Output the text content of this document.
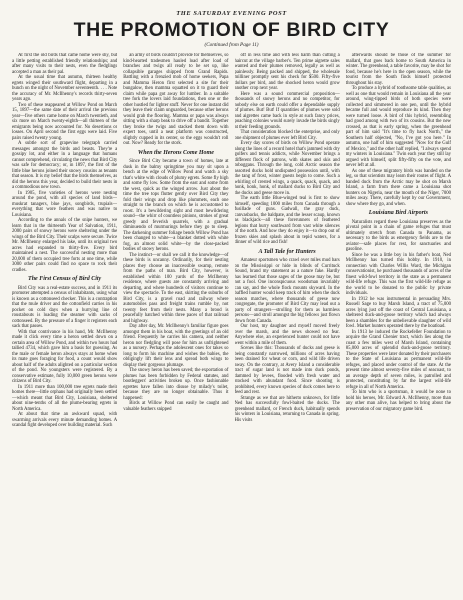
THE SATURDAY EVENING POST
THE PROMOTION OF BIRD CITY
(Continued from Page 11)

At first the old birds that came home were shy, but a little petting established friendly relationships; and after many visits to their nests, even the fledglings accepted a man as their pal.

At the usual time that autumn, thirteen healthy egrets winged their southward flight, departing in a bunch on the night of November seventeenth. . . . Note the accuracy of Mr. McIlhenny's records thirty-seven years ago.

Two of these reappeared at Willow Pond on March 15, 1897—the same date of their arrival the previous year—five others came home on March twentieth, and six more on March twenty-eighth—all thirteen of the emigrants being now accounted for. No desertions or losses. On April second the first eggs were laid. Five pairs raised twenty young.

A subtle sort of grapevine telegraph carried messages amongst the birds and beasts. They're a gossipy lot, and either in a language that humans cannot comprehend, circulating the news that Bird City was safe for democracy; or, in 1897, the first of the little blue herons joined their snowy cousins as tenants that season. It is my belief that the birds themselves, as did the herons this year, decided to build their nests in a commodious new town.

In 1905, five varieties of herons were nesting around the pond, with all species of land birds—muskrat tanagers, blue jays, songbirds, trupials—everything that wore feathers and was native to Louisiana.

According to the annals of the snipe hunters, we learn that in the thirteenth Year of Salvation, 1911, 2000 pairs of snowy herons were sheltering under the wings of the Bird City. Their scalps were secure. Twice Mr. McIlhenny enlarged his lake, until its original two acres had expanded to thirty-five. Every bird maintained a nest. The successful nesting more than 20,000 of them occupied tree forts at one time, while 3000 other pairs could find no space to rock their cradles.

The First Census of Bird City

Bird City was a real-estate success, and in 1911 its promoter attempted a census of inhabitants, using what is known as a cottonseed checker. This is a contraption that the mule driver and the cottonfield carries in his pocket on cold days when a hurrying line of roustabouts is loading the steamer with sacks of cottonseed. By the pressure of a finger it registers each sack that passes.

With that contrivance in his hand, Mr. McIlhenny made it click every time a heron settled down on a certain area of Willow Pond, and within two hours had tallied 4734, which gave him a basis for guessing. As the male or female heron always stays at home when its mate goes foraging for food, a count would show about half of the adults alighted on a particular section of the pond. No youngsters were registered. By a conservative estimate, fully 10,000 green herons were citizens of Bird City.

In 1911 more than 100,000 tree egrets made their homes there—little orphans had originally been settled—which meant that Bird City, Louisiana, sheltered about nine-tenths of all the plume-bearing egrets in North America.

At about that time an awkward squad, with swarming arrivals every minute demanding homes. A scandal fight developed over building material. Such

an army of birds couldn't provide for themselves, so kind-hearted tradesmen hauled load after load of branches and twigs all ready to be set up, like collapsible garages shipped from Grand Rapids. Battling with a frenzied mob of home seekers, Papa and Mamma Heron first selected a site for their bungalow, then mamma squatted on it to guard their claim while papa got away for lumber. In a suitable tree fork the lovers laid foundations, then one or the other hustled for lighter stuff. Never for one instant did they leave their claim unguarded, because other herons would grab the flooring. Mamma or papa was always sitting with a sharp beak to drive off a bandit. Together they broke the twigs and stacked them down with expert toes, until a neat platform was constructed, slightly cupped in its center, so the eggs wouldn't roll out. Now? Ready for the stork.

When the Herons Come Home

Since Bird City became a town of homes, late at dusk in the balmy springtime you may sit upon a bench at the edge of Willow Pond and watch a sky that's white with clouds of plumy egrets. Some fly high and some fly low. Some from the east and some from the west, quick as the winged arrow. Just about the time the tree tops flutter gently over Bird City they fold their wings and drop like plummets, each one straight to the branch on which he is accustomed to roost. It's a bewildering sight and most bewildering sound—the whirr of countless pinions, strokes of great greedy and feverish quarrels, with a gradual diminuendo of murmurings before they go to sleep. The darkening summer foliage bends Willow Pond has been changed to white—a blanket dotted with white fog, an almost solid white—by the close-packed bodies of snowy herons.

The instinct—or shall we call it the knowledge—of these birds is uncanny. Ordinarily, for their nesting places they choose an inaccessible swamp, remote from the paths of man. Bird City, however, is established within 100 yards of the McIlhenny residence, where guests are constantly arriving and departing, and where hundreds of visitors continue to view the spectacle. To the east, skirting the suburbs of Bird City, is a gravel road and railway where automobiles pass and freight trains rumble by, not twenty feet from their nests. Many a brood is peacefully hatched within three paces of that railroad and highway.

Day after day, Mr. McIlhenny's familiar figure goes amongst them in his boat, with the greetings of an old friend. Frequently he carries his camera, and neither heron nor fledgling will pose for him as unfrightened as a nursery. Perhaps the adolescent ones for takes so long to form his machine and wishes the babies, the obligingly lift their lens and spread both wings to display their gorgeous plumage.

The snowy heron has been saved; the exportation of plumes has been forbidden by Federal statutes, and bootleggers' activities broken up. Once fashionable egrettes have fallen into disuse by milady's toilet, because they are no longer obtainable. Thus it happened:

Birds at Willow Pond can easily be caught and valuable feathers snipped

off in less time and with less harm than cutting a haircut at the village barber's. Ten prime aigrette sales wanted and their plumes removed, legally as well as painlessly. Being packed and shipped, the wholesale milliner promptly sent his check for $500. Fifty-five dollars per bird, and the shocked heron would grow another crop next year.

Here was a sound commercial proposition—thousands of snowy herons and no competitor, for nobody else on earth could offer a dependable supply of plumes. But! But! If quantities of plumes were sold and aigrettes came back in style at such fancy prices, poaching colonies would surely invade the birds singly at their feeding grounds.

That consideration blocked the enterprise, and only one shipment of plumes ever left Bird City.

Every day scores of birds on Willow Pond operate along the lines of a record hotel that's jammed with dry golfers and tennis addicts, while November brings a different flock of patrons, with skates and skis and toboggans. Through the long, cold Arctic season the assorted ducks hold undisputed possession until, with the tang of frost, winter guests begin to come. Such a whirling of crested wings, a quack, quack, quack, and honk, honk, honk, of mallard ducks to Bird City and the ducks and geese move in.

The earth little Blue-winged teal is first to show himself, speeding 1000 miles from Canada through a fusillade of guns. Gadwall, the gray duck, canvasbacks, the baldpate, and the lesser scaup, known as blackjack—all these forerunners of feathered legions that hurry southward from vast white silences of the north. And how they do enjoy it—to drop out of frozen skies and splash about in tepid waters, for a dinner of wild rice and fish!

A Tall Tale for Hunters

Amateur sportsmen who crawl over miles mud bars on the Mississippi or hide in blinds of Currituck Sound, brand my statement as a nature fake. Hardly has learned that those sages of the goose may be, but not a fool. One inconspicuous woodsman invariably can say, and the whole flock mounts skyward. In the baffled hunter would keep track of him when the duck season marches, where thousands of geese now congregate, the promoter of Bird City may lead out a party of strangers—strolling for them as harmless persons—and stroll amongst the big fellows just flown down from Canada.

Our host, my daughter and myself moved freely over the marsh, and the news showed no fear. Anywhere else, an experienced hunter could not have went within a mile of them.

Scenes like this: Thousands of ducks and geese is being constantly narrowed, millions of acres having been drained for wheat or corn, and wild life driven away. On the contrary, at Avery Island a considerable tract of sugar land is not made into duck ponds, dammed by levees, flooded with fresh water and stocked with abundant food. Since shooting is prohibited, every known species of duck comes here to feed and rest.

Strange as we that are hitherto unknown, for little Ned has successfully fowl-baited the ducks. The greenhead mallard, or French duck, habitually spends his winters in Louisiana, returning to Canada in spring. His visits

afterwards should be those of the summer for mallard, that goes back home to South America in winter. The greenhead, a table favorite, may be shot for food, because he's here in the open season, while the tourist from the South finds himself protected throughout his stay.

To produce a hybrid of toothsome table qualities, as well as one that would remain in Louisiana all the year around, wing-tipped birds of both species were collected and simmered in one pen, until the hybrid became full and would reproduce its kind. Then they were turned loose. A bird of this hybrid, resembling had good among with two of its cousins. But the new crossed, as that is early spring, when the greenhead part of him said "It's time to fly back North," the Southern half objected, "No, I've got you here." In autumn, one half of him suggested "Now for the Gulf of Mexico," and the other half replied, "I always spend my winters in Louisiana." Twin each year they still lay argued with himself, split fifty-fifty on the vote, and never left at all.

As one of these migratory birds was banded on the leg, so that scientists may learn their routes of flight. A banded duck from the Arctic may be shot on Marsh Island, a farm from there came a Louisiana shot hunters on Nigeria, near the mouth of the Niger, 7000 miles away. There, carefully kept by our Government, show where they go, and when.

Louisiana Bird Airports

Naturalists regard these Louisiana preserves as the pivotal point in a chain of game refuges that must ultimately stretch from Canada to Panama, as necessary to the birds as emergency fields are to the aviator—safe places for rest, for sanctuaries and gasoline.

Since he was a little boy in his father's boat, Ned McIlhenny has turned this hobby. In 1910, in connection with Charles Willis Ward, the Michigan conservationist, he purchased thousands of acres of the finest wild-fowl territory in the state as a permanent wild-life refuge. This was the first wild-life refuge as the world to be donated to the public by private individuals.

In 1912 he was instrumental in persuading Mrs. Russell Sage to buy Marsh Island, a tract of 75,000 acres lying just off the coast of Central Louisiana, a sheltered duck-and-goose territory which had always been a shambles for the unbelievable slaughter of wild fowl. Market hunters operated there by the boatload.

In 1913 he induced the Rockefeller Foundation to acquire the Grand Chenier tract, which lies along the coast a few miles west of Marsh Island, containing 85,000 acres of splendid duck-and-goose territory. These properties were later donated by their purchasers to the State of Louisiana as permanent wild-life refuges, and placed under control of the state. At the present time almost seventy-five miles of seacoast, to an average depth of seven miles, is patrolled and protected, constituting by far the largest wild-life refuge in all of North America.

To him who is a sportsman, it would be none to hold his heroes, Mr. Edward A. McIlhenny, more than any other man alive, has helped to bring about the preservation of our migratory game bird.
